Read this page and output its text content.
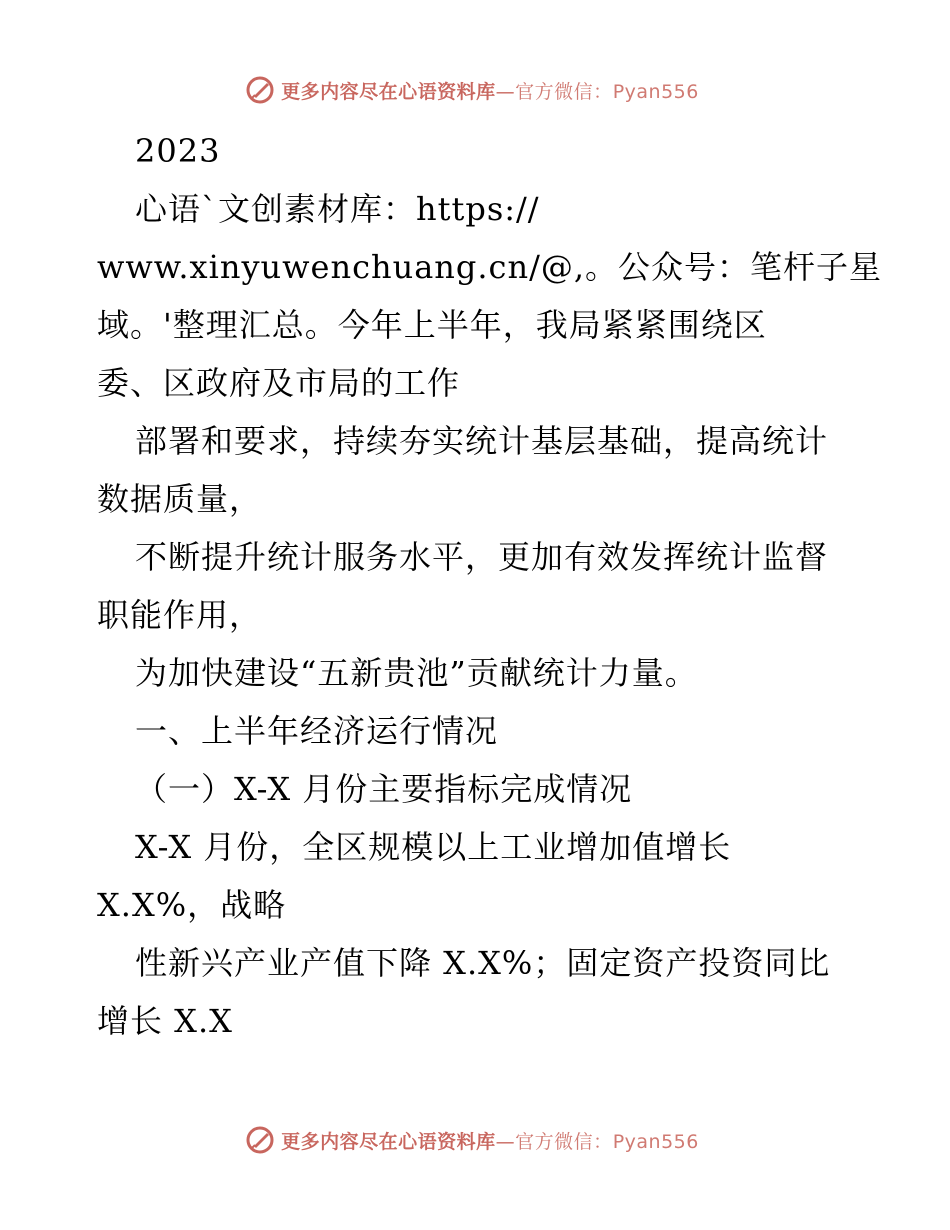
更多内容尽在心语资料库—官方微信：Pyan556
2023
心语`文创素材库：https://
www.xinyuwenchuang.cn/@,。公众号：笔杆子星
域。'整理汇总。今年上半年，我局紧紧围绕区
委、区政府及市局的工作
部署和要求，持续夯实统计基层基础，提高统计
数据质量，
不断提升统计服务水平，更加有效发挥统计监督
职能作用，
为加快建设“五新贵池”贡献统计力量。
一、上半年经济运行情况
（一）X-X 月份主要指标完成情况
X-X 月份，全区规模以上工业增加值增长
X.X%，战略
性新兴产业产值下降 X.X%；固定资产投资同比
增长 X.X
更多内容尽在心语资料库—官方微信：Pyan556
